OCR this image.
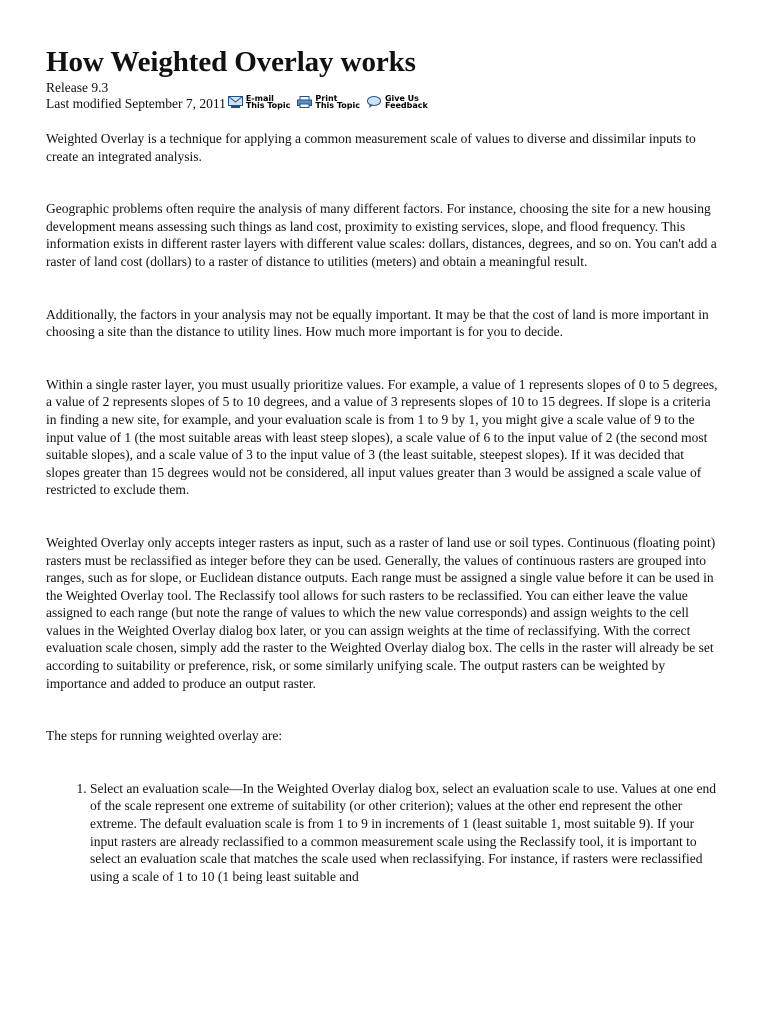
How Weighted Overlay works
Release 9.3
Last modified September 7, 2011	E-mail
This Topic
Print
This Topic
Give Us
Feedback

Weighted Overlay is a technique for applying a common measurement scale of values to diverse and dissimilar inputs to create an integrated analysis.

Geographic problems often require the analysis of many different factors. For instance, choosing the site for a new housing development means assessing such things as land cost, proximity to existing services, slope, and flood frequency. This information exists in different raster layers with different value scales: dollars, distances, degrees, and so on. You can't add a raster of land cost (dollars) to a raster of distance to utilities (meters) and obtain a meaningful result.

Additionally, the factors in your analysis may not be equally important. It may be that the cost of land is more important in choosing a site than the distance to utility lines. How much more important is for you to decide.

Within a single raster layer, you must usually prioritize values. For example, a value of 1 represents slopes of 0 to 5 degrees, a value of 2 represents slopes of 5 to 10 degrees, and a value of 3 represents slopes of 10 to 15 degrees. If slope is a criteria in finding a new site, for example, and your evaluation scale is from 1 to 9 by 1, you might give a scale value of 9 to the input value of 1 (the most suitable areas with least steep slopes), a scale value of 6 to the input value of 2 (the second most suitable slopes), and a scale value of 3 to the input value of 3 (the least suitable, steepest slopes). If it was decided that slopes greater than 15 degrees would not be considered, all input values greater than 3 would be assigned a scale value of restricted to exclude them.

Weighted Overlay only accepts integer rasters as input, such as a raster of land use or soil types. Continuous (floating point) rasters must be reclassified as integer before they can be used. Generally, the values of continuous rasters are grouped into ranges, such as for slope, or Euclidean distance outputs. Each range must be assigned a single value before it can be used in the Weighted Overlay tool. The Reclassify tool allows for such rasters to be reclassified. You can either leave the value assigned to each range (but note the range of values to which the new value corresponds) and assign weights to the cell values in the Weighted Overlay dialog box later, or you can assign weights at the time of reclassifying. With the correct evaluation scale chosen, simply add the raster to the Weighted Overlay dialog box. The cells in the raster will already be set according to suitability or preference, risk, or some similarly unifying scale. The output rasters can be weighted by importance and added to produce an output raster.

The steps for running weighted overlay are:

1. Select an evaluation scale—In the Weighted Overlay dialog box, select an evaluation scale to use. Values at one end of the scale represent one extreme of suitability (or other criterion); values at the other end represent the other extreme. The default evaluation scale is from 1 to 9 in increments of 1 (least suitable 1, most suitable 9). If your input rasters are already reclassified to a common measurement scale using the Reclassify tool, it is important to select an evaluation scale that matches the scale used when reclassifying. For instance, if rasters were reclassified using a scale of 1 to 10 (1 being least suitable and
